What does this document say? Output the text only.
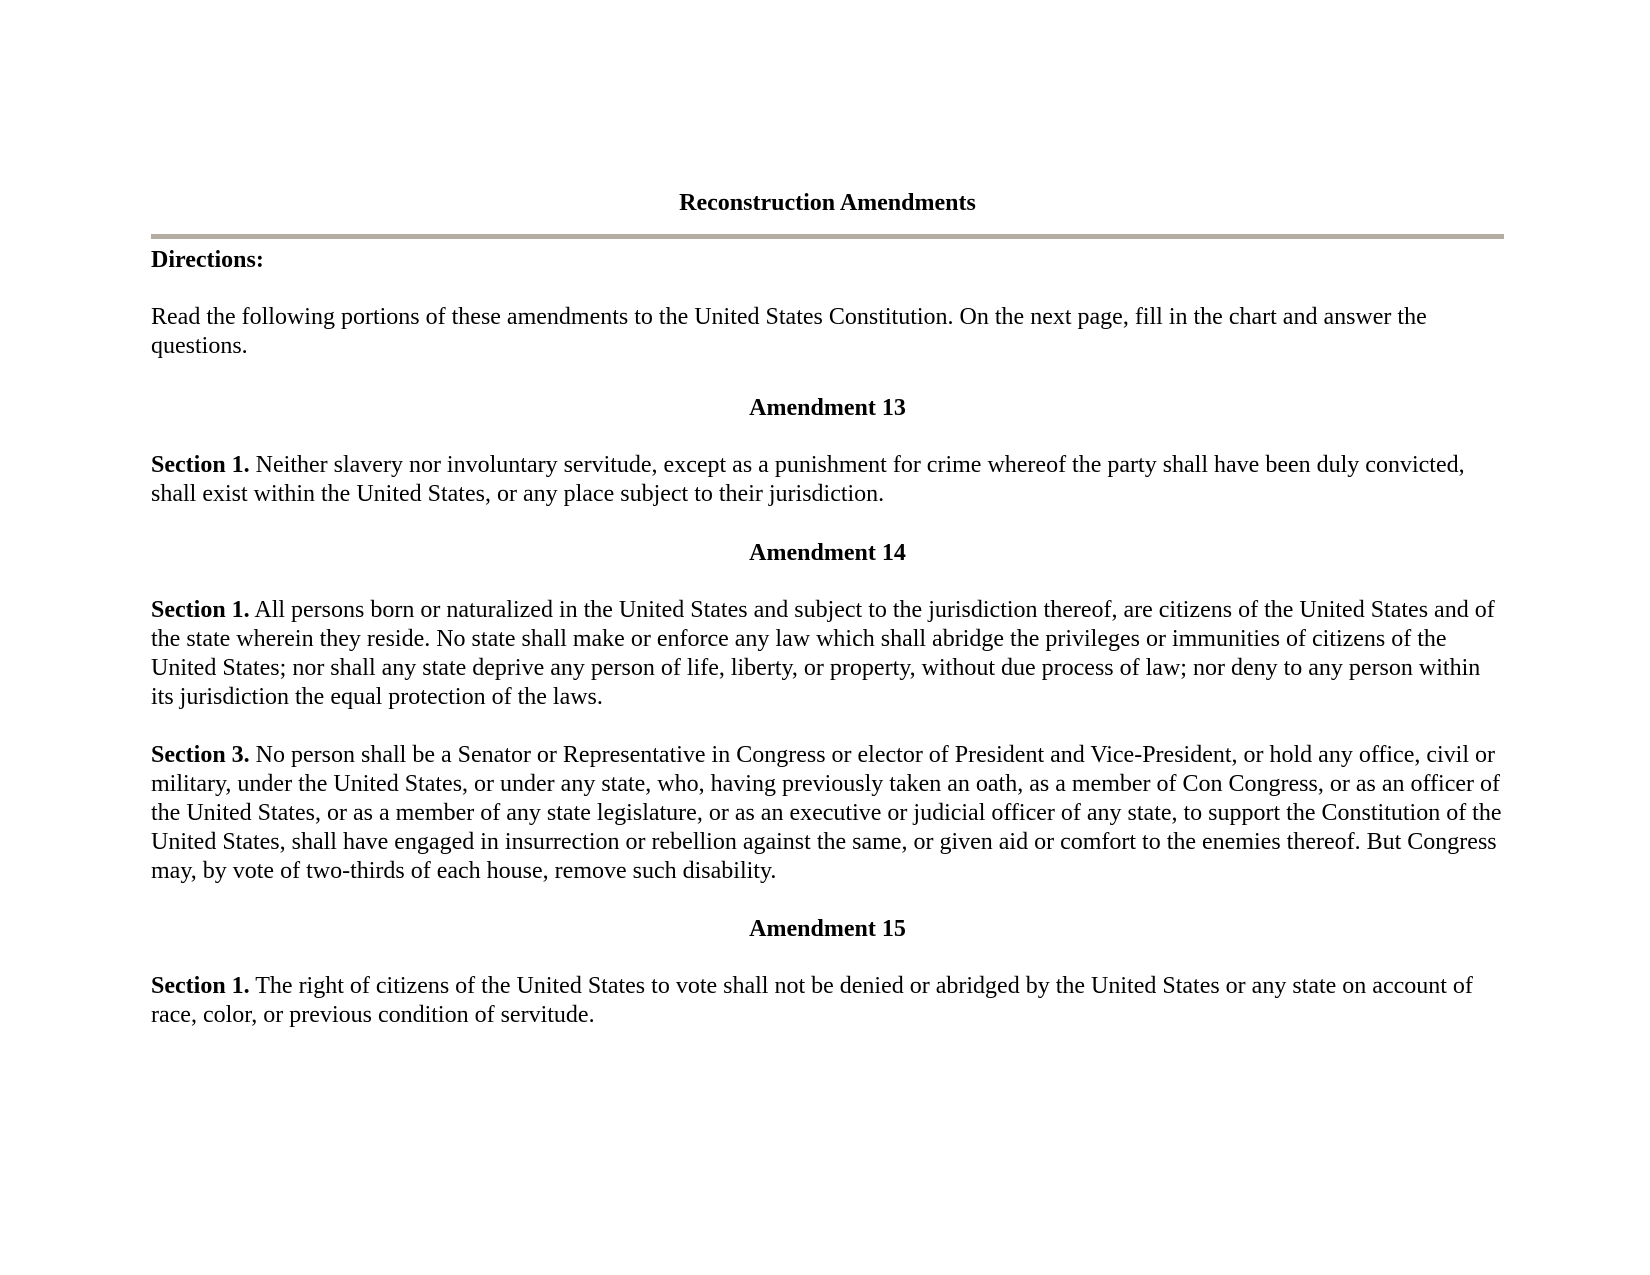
Reconstruction Amendments
Directions:

Read the following portions of these amendments to the United States Constitution. On the next page, fill in the chart and answer the questions.

Amendment 13

Section 1. Neither slavery nor involuntary servitude, except as a punishment for crime whereof the party shall have been duly convicted, shall exist within the United States, or any place subject to their jurisdiction.

Amendment 14

Section 1. All persons born or naturalized in the United States and subject to the jurisdiction thereof, are citizens of the United States and of the state wherein they reside. No state shall make or enforce any law which shall abridge the privileges or immunities of citizens of the United States; nor shall any state deprive any person of life, liberty, or property, without due process of law; nor deny to any person within its jurisdiction the equal protection of the laws.

Section 3. No person shall be a Senator or Representative in Congress or elector of President and Vice-President, or hold any office, civil or military, under the United States, or under any state, who, having previously taken an oath, as a member of Con Congress, or as an officer of the United States, or as a member of any state legislature, or as an executive or judicial officer of any state, to support the Constitution of the United States, shall have engaged in insurrection or rebellion against the same, or given aid or comfort to the enemies thereof. But Congress may, by vote of two-thirds of each house, remove such disability.

Amendment 15

Section 1. The right of citizens of the United States to vote shall not be denied or abridged by the United States or any state on account of race, color, or previous condition of servitude.
